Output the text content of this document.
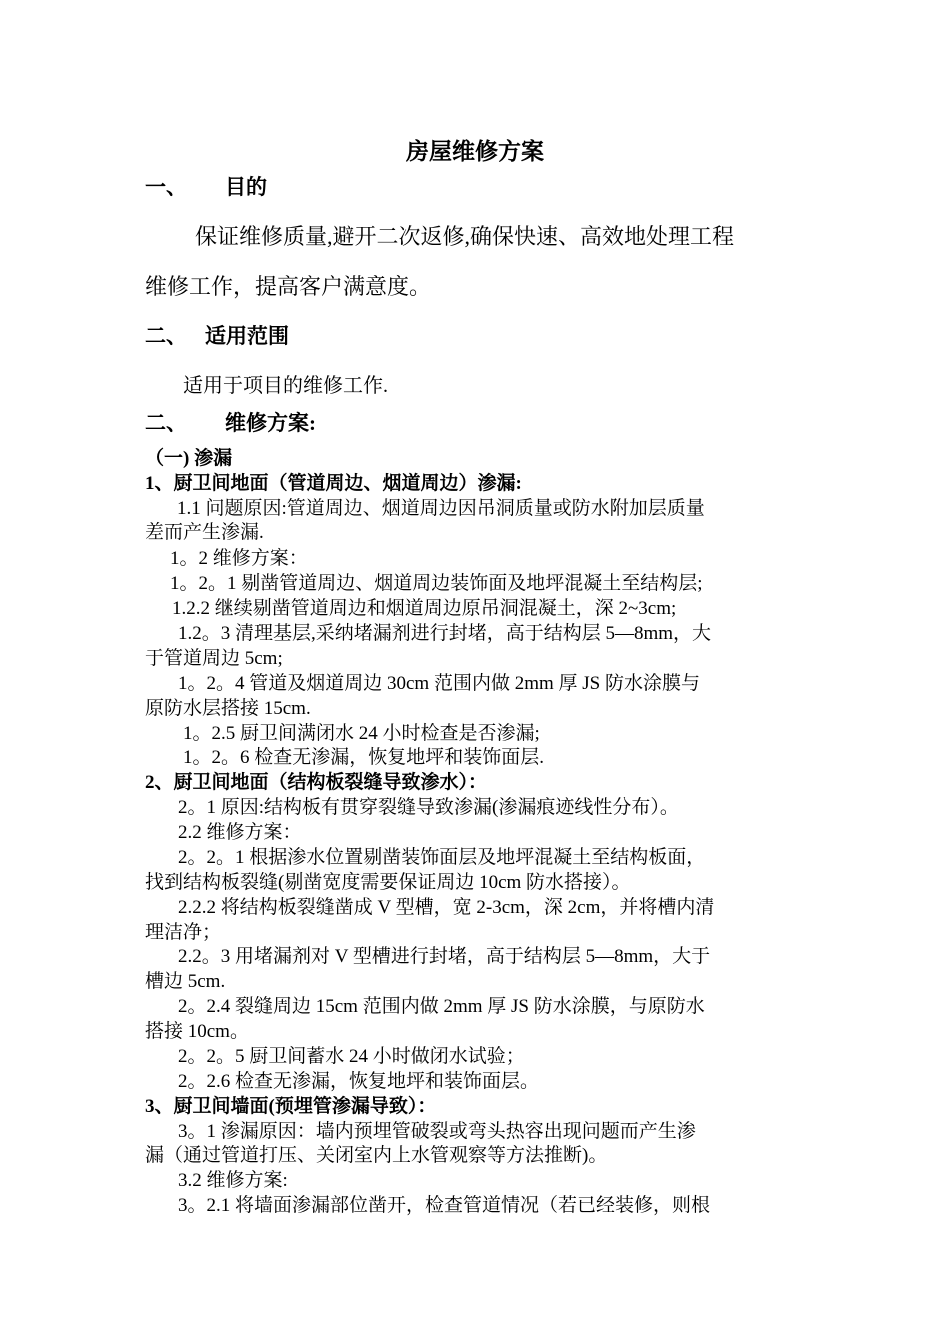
房屋维修方案
一、 目的
保证维修质量,避开二次返修,确保快速、高效地处理工程
维修工作，提高客户满意度。
二、 适用范围
适用于项目的维修工作.
二、 维修方案:
（一) 渗漏
1、厨卫间地面（管道周边、烟道周边）渗漏:
1.1 问题原因:管道周边、烟道周边因吊洞质量或防水附加层质量
差而产生渗漏.
1。2 维修方案：
1。2。1 剔凿管道周边、烟道周边装饰面及地坪混凝土至结构层;
1.2.2 继续剔凿管道周边和烟道周边原吊洞混凝土，深 2~3cm;
1.2。3 清理基层,采纳堵漏剂进行封堵，高于结构层 5—8mm，大
于管道周边 5cm;
1。2。4 管道及烟道周边 30cm 范围内做 2mm 厚 JS 防水涂膜与
原防水层搭接 15cm.
1。2.5 厨卫间满闭水 24 小时检查是否渗漏;
1。2。6 检查无渗漏，恢复地坪和装饰面层.
2、厨卫间地面（结构板裂缝导致渗水）：
2。1 原因:结构板有贯穿裂缝导致渗漏(渗漏痕迹线性分布）。
2.2 维修方案：
2。2。1 根据渗水位置剔凿装饰面层及地坪混凝土至结构板面，
找到结构板裂缝(剔凿宽度需要保证周边 10cm 防水搭接）。
2.2.2 将结构板裂缝凿成 V 型槽，宽 2-3cm，深 2cm，并将槽内清
理洁净；
2.2。3 用堵漏剂对 V 型槽进行封堵，高于结构层 5—8mm，大于
槽边 5cm.
2。2.4 裂缝周边 15cm 范围内做 2mm 厚 JS 防水涂膜，与原防水
搭接 10cm。
2。2。5 厨卫间蓄水 24 小时做闭水试验；
2。2.6 检查无渗漏，恢复地坪和装饰面层。
3、厨卫间墙面(预埋管渗漏导致）：
3。1 渗漏原因：墙内预埋管破裂或弯头热容出现问题而产生渗
漏（通过管道打压、关闭室内上水管观察等方法推断)。
3.2 维修方案:
3。2.1 将墙面渗漏部位凿开，检查管道情况（若已经装修，则根
